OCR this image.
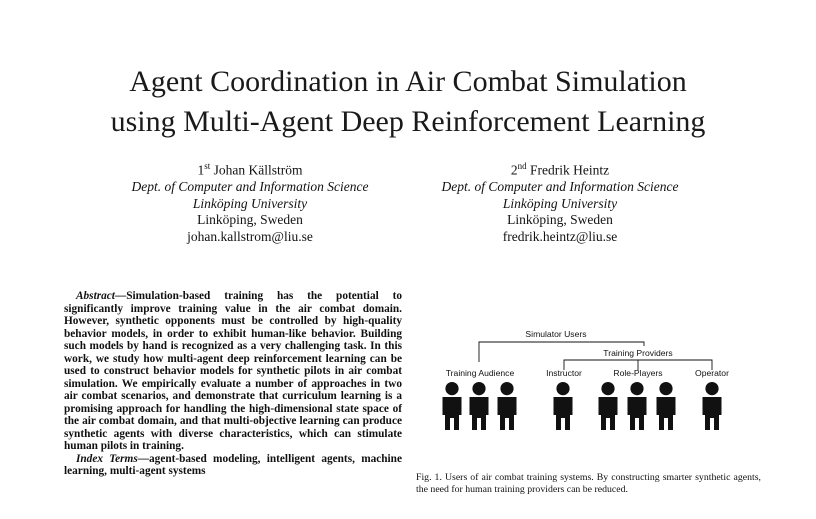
Agent Coordination in Air Combat Simulation
using Multi-Agent Deep Reinforcement Learning
1st Johan Källström
Dept. of Computer and Information Science
Linköping University
Linköping, Sweden
johan.kallstrom@liu.se
2nd Fredrik Heintz
Dept. of Computer and Information Science
Linköping University
Linköping, Sweden
fredrik.heintz@liu.se
Abstract—Simulation-based training has the potential to significantly improve training value in the air combat domain. However, synthetic opponents must be controlled by high-quality behavior models, in order to exhibit human-like behavior. Building such models by hand is recognized as a very challenging task. In this work, we study how multi-agent deep reinforcement learning can be used to construct behavior models for synthetic pilots in air combat simulation. We empirically evaluate a number of approaches in two air combat scenarios, and demonstrate that curriculum learning is a promising approach for handling the high-dimensional state space of the air combat domain, and that multi-objective learning can produce synthetic agents with diverse characteristics, which can stimulate human pilots in training.
Index Terms—agent-based modeling, intelligent agents, machine learning, multi-agent systems
Simulator Users
Training Providers
Training Audience	Instructor	Role-Players	Operator
Fig. 1. Users of air combat training systems. By constructing smarter synthetic agents, the need for human training providers can be reduced.
